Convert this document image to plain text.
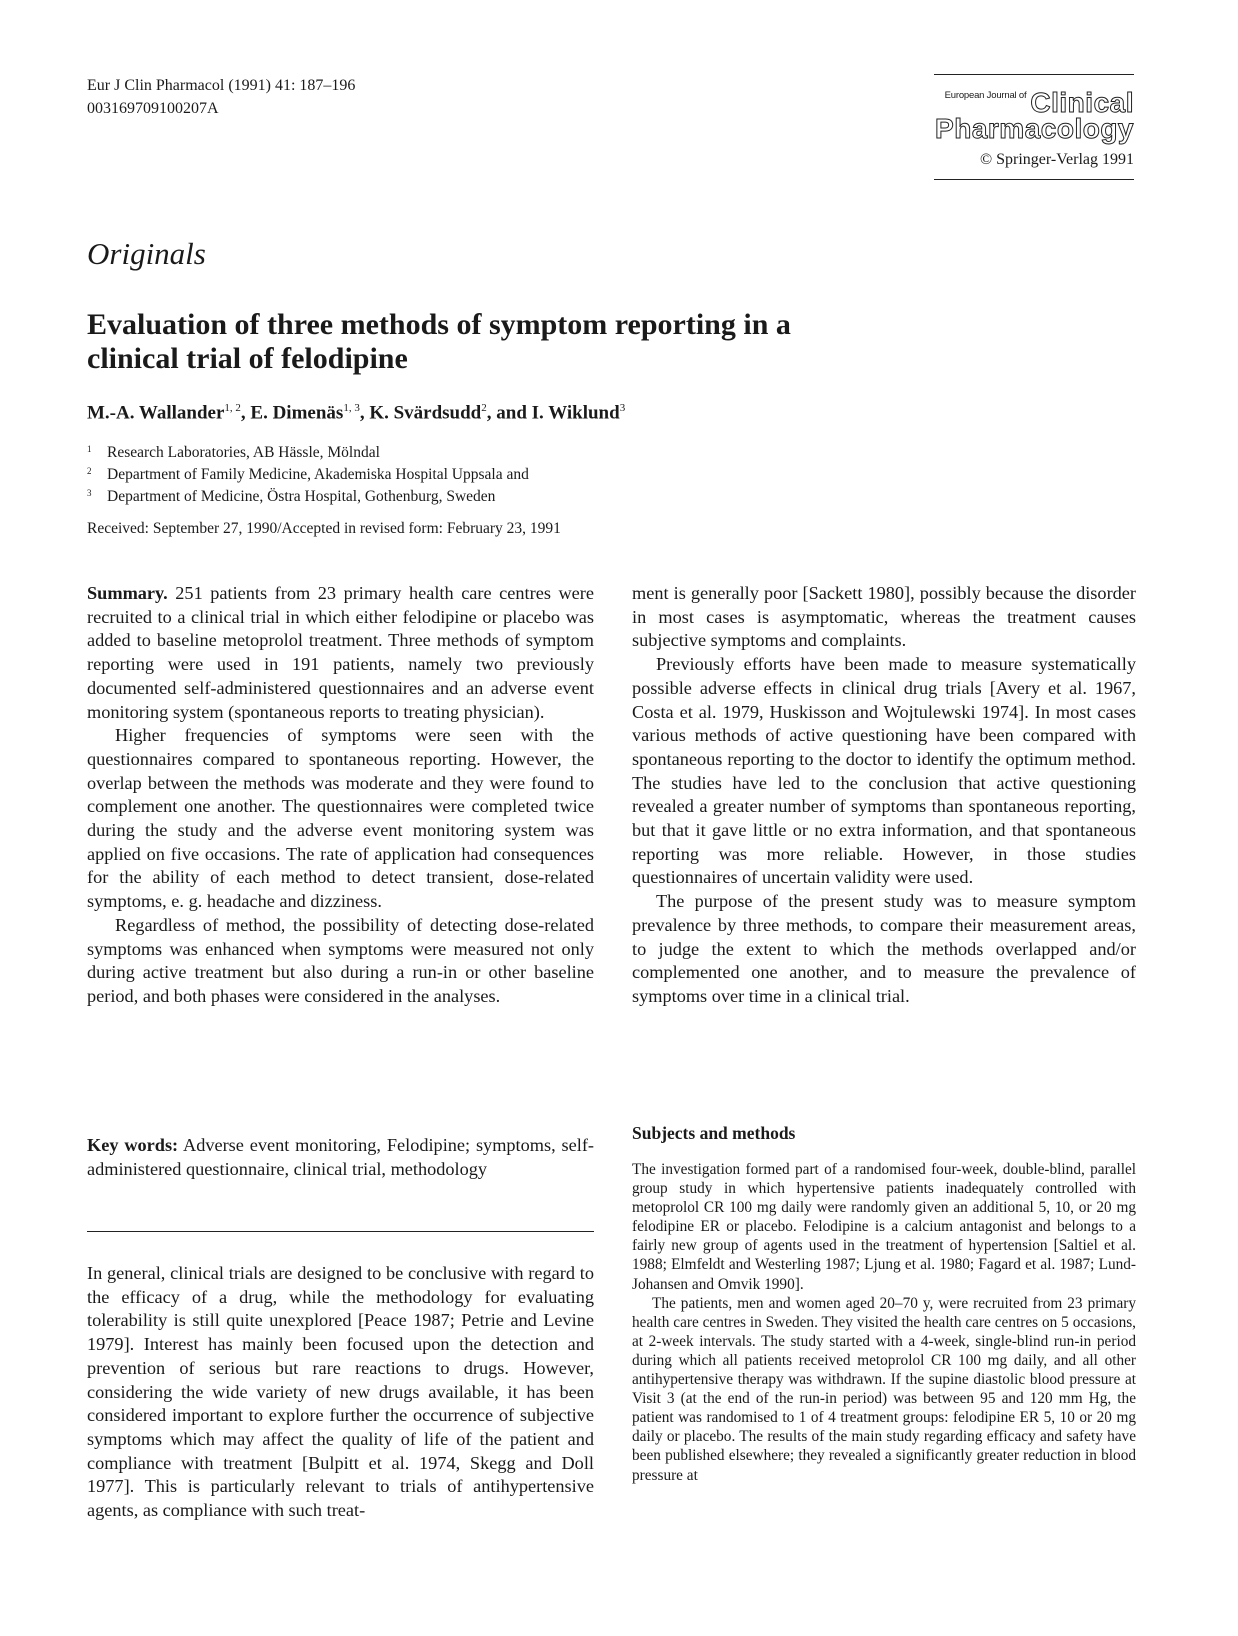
Eur J Clin Pharmacol (1991) 41: 187–196
003169709100207A
$^{European Journal of}$ Clinical
Pharmacology
© Springer-Verlag 1991
Originals
Evaluation of three methods of symptom reporting in a clinical trial of felodipine
M.-A. Wallander$^{1, 2}$, E. Dimenäs$^{1, 3}$, K. Svärdsudd$^2$, and I. Wiklund$^3$
$^1$ Research Laboratories, AB Hässle, Mölndal
$^2$ Department of Family Medicine, Akademiska Hospital Uppsala and
$^3$ Department of Medicine, Östra Hospital, Gothenburg, Sweden
Received: September 27, 1990/Accepted in revised form: February 23, 1991

Summary. 251 patients from 23 primary health care centres were recruited to a clinical trial in which either felodipine or placebo was added to baseline metoprolol treatment. Three methods of symptom reporting were used in 191 patients, namely two previously documented self-administered questionnaires and an adverse event monitoring system (spontaneous reports to treating physician).

Higher frequencies of symptoms were seen with the questionnaires compared to spontaneous reporting. However, the overlap between the methods was moderate and they were found to complement one another. The questionnaires were completed twice during the study and the adverse event monitoring system was applied on five occasions. The rate of application had consequences for the ability of each method to detect transient, dose-related symptoms, e. g. headache and dizziness.

Regardless of method, the possibility of detecting dose-related symptoms was enhanced when symptoms were measured not only during active treatment but also during a run-in or other baseline period, and both phases were considered in the analyses.

Key words: Adverse event monitoring, Felodipine; symptoms, self-administered questionnaire, clinical trial, methodology

In general, clinical trials are designed to be conclusive with regard to the efficacy of a drug, while the methodology for evaluating tolerability is still quite unexplored [Peace 1987; Petrie and Levine 1979]. Interest has mainly been focused upon the detection and prevention of serious but rare reactions to drugs. However, considering the wide variety of new drugs available, it has been considered important to explore further the occurrence of subjective symptoms which may affect the quality of life of the patient and compliance with treatment [Bulpitt et al. 1974, Skegg and Doll 1977]. This is particularly relevant to trials of antihypertensive agents, as compliance with such treat-

ment is generally poor [Sackett 1980], possibly because the disorder in most cases is asymptomatic, whereas the treatment causes subjective symptoms and complaints.

Previously efforts have been made to measure systematically possible adverse effects in clinical drug trials [Avery et al. 1967, Costa et al. 1979, Huskisson and Wojtulewski 1974]. In most cases various methods of active questioning have been compared with spontaneous reporting to the doctor to identify the optimum method. The studies have led to the conclusion that active questioning revealed a greater number of symptoms than spontaneous reporting, but that it gave little or no extra information, and that spontaneous reporting was more reliable. However, in those studies questionnaires of uncertain validity were used.

The purpose of the present study was to measure symptom prevalence by three methods, to compare their measurement areas, to judge the extent to which the methods overlapped and/or complemented one another, and to measure the prevalence of symptoms over time in a clinical trial.

Subjects and methods

The investigation formed part of a randomised four-week, double-blind, parallel group study in which hypertensive patients inadequately controlled with metoprolol CR 100 mg daily were randomly given an additional 5, 10, or 20 mg felodipine ER or placebo. Felodipine is a calcium antagonist and belongs to a fairly new group of agents used in the treatment of hypertension [Saltiel et al. 1988; Elmfeldt and Westerling 1987; Ljung et al. 1980; Fagard et al. 1987; Lund-Johansen and Omvik 1990].

The patients, men and women aged 20–70 y, were recruited from 23 primary health care centres in Sweden. They visited the health care centres on 5 occasions, at 2-week intervals. The study started with a 4-week, single-blind run-in period during which all patients received metoprolol CR 100 mg daily, and all other antihypertensive therapy was withdrawn. If the supine diastolic blood pressure at Visit 3 (at the end of the run-in period) was between 95 and 120 mm Hg, the patient was randomised to 1 of 4 treatment groups: felodipine ER 5, 10 or 20 mg daily or placebo. The results of the main study regarding efficacy and safety have been published elsewhere; they revealed a significantly greater reduction in blood pressure at
